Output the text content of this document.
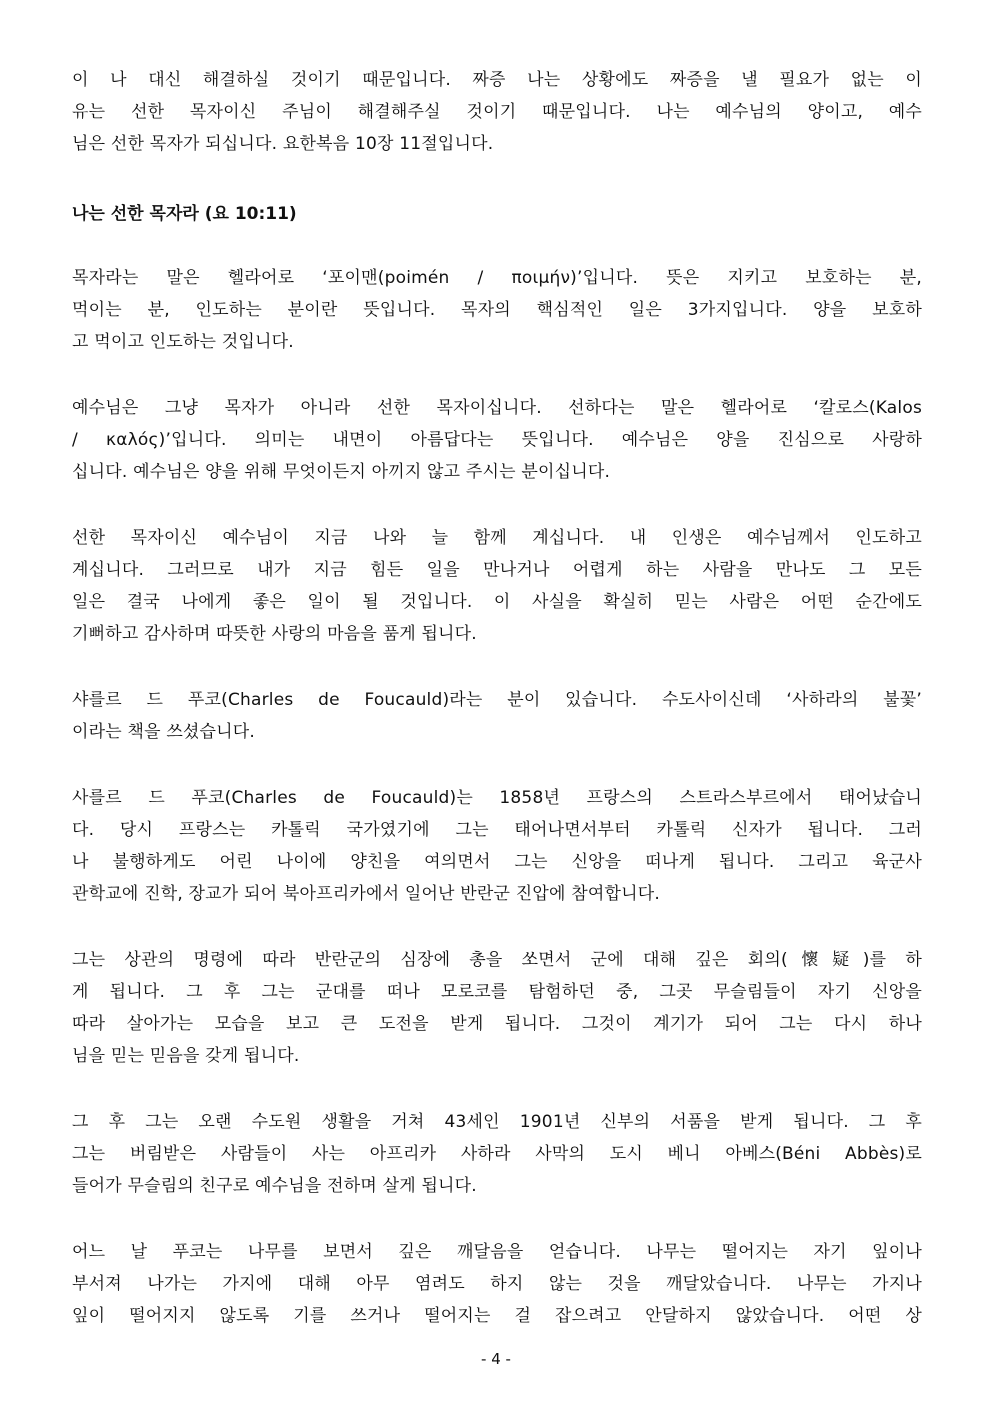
이 나 대신 해결하실 것이기 때문입니다. 짜증 나는 상황에도 짜증을 낼 필요가 없는 이
유는 선한 목자이신 주님이 해결해주실 것이기 때문입니다. 나는 예수님의 양이고, 예수
님은 선한 목자가 되십니다. 요한복음 10장 11절입니다.
나는 선한 목자라 (요 10:11)
목자라는 말은 헬라어로 ‘포이맨(poimén / ποιμήν)’입니다. 뜻은 지키고 보호하는 분,
먹이는 분, 인도하는 분이란 뜻입니다. 목자의 핵심적인 일은 3가지입니다. 양을 보호하
고 먹이고 인도하는 것입니다.
예수님은 그냥 목자가 아니라 선한 목자이십니다. 선하다는 말은 헬라어로 ‘칼로스(Kalos
/ καλός)’입니다. 의미는 내면이 아름답다는 뜻입니다. 예수님은 양을 진심으로 사랑하
십니다. 예수님은 양을 위해 무엇이든지 아끼지 않고 주시는 분이십니다.
선한 목자이신 예수님이 지금 나와 늘 함께 계십니다. 내 인생은 예수님께서 인도하고
계십니다. 그러므로 내가 지금 힘든 일을 만나거나 어렵게 하는 사람을 만나도 그 모든
일은 결국 나에게 좋은 일이 될 것입니다. 이 사실을 확실히 믿는 사람은 어떤 순간에도
기뻐하고 감사하며 따뜻한 사랑의 마음을 품게 됩니다.
샤를르 드 푸코(Charles de Foucauld)라는 분이 있습니다. 수도사이신데 ‘사하라의 불꽃’
이라는 책을 쓰셨습니다.
사를르 드 푸코(Charles de Foucauld)는 1858년 프랑스의 스트라스부르에서 태어났습니
다. 당시 프랑스는 카톨릭 국가였기에 그는 태어나면서부터 카톨릭 신자가 됩니다. 그러
나 불행하게도 어린 나이에 양친을 여의면서 그는 신앙을 떠나게 됩니다. 그리고 육군사
관학교에 진학, 장교가 되어 북아프리카에서 일어난 반란군 진압에 참여합니다.
그는 상관의 명령에 따라 반란군의 심장에 총을 쏘면서 군에 대해 깊은 회의(懷疑)를 하
게 됩니다. 그 후 그는 군대를 떠나 모로코를 탐험하던 중, 그곳 무슬림들이 자기 신앙을
따라 살아가는 모습을 보고 큰 도전을 받게 됩니다. 그것이 계기가 되어 그는 다시 하나
님을 믿는 믿음을 갖게 됩니다.
그 후 그는 오랜 수도원 생활을 거쳐 43세인 1901년 신부의 서품을 받게 됩니다. 그 후
그는 버림받은 사람들이 사는 아프리카 사하라 사막의 도시 베니 아베스(Béni Abbès)로
들어가 무슬림의 친구로 예수님을 전하며 살게 됩니다.
어느 날 푸코는 나무를 보면서 깊은 깨달음을 얻습니다. 나무는 떨어지는 자기 잎이나
부서져 나가는 가지에 대해 아무 염려도 하지 않는 것을 깨달았습니다. 나무는 가지나
잎이 떨어지지 않도록 기를 쓰거나 떨어지는 걸 잡으려고 안달하지 않았습니다. 어떤 상
- 4 -
